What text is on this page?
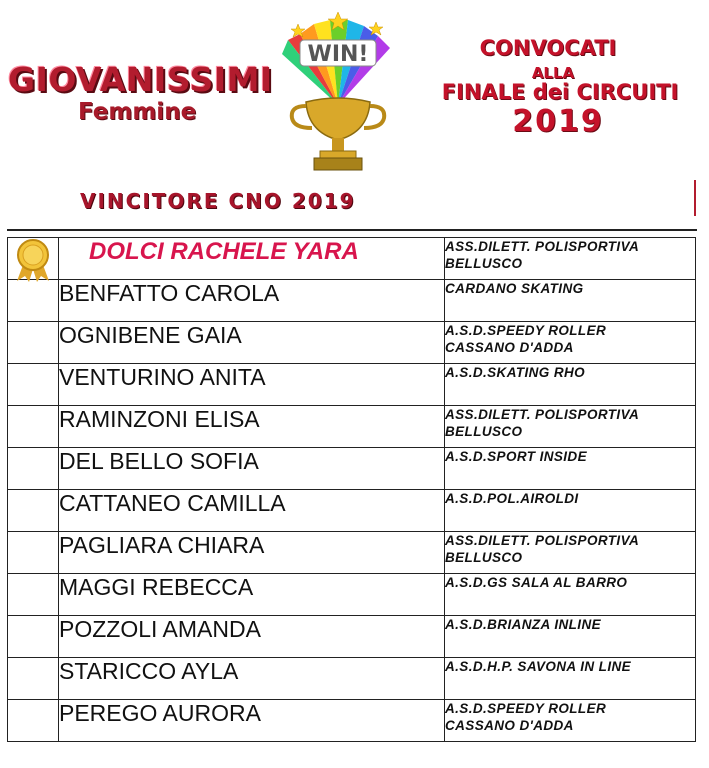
GIOVANISSIMI
Femmine
WIN!	CONVOCATI
ALLA
FINALE dei CIRCUITI
2019
VINCITORE CNO 2019
	DOLCI RACHELE YARA	ASS.DILETT. POLISPORTIVA
BELLUSCO

	BENFATTO CAROLA	CARDANO SKATING

	OGNIBENE GAIA	A.S.D.SPEEDY ROLLER
CASSANO D'ADDA

	VENTURINO ANITA	A.S.D.SKATING RHO

	RAMINZONI ELISA	ASS.DILETT. POLISPORTIVA
BELLUSCO

	DEL BELLO SOFIA	A.S.D.SPORT INSIDE

	CATTANEO CAMILLA	A.S.D.POL.AIROLDI

	PAGLIARA CHIARA	ASS.DILETT. POLISPORTIVA
BELLUSCO

	MAGGI REBECCA	A.S.D.GS SALA AL BARRO

	POZZOLI AMANDA	A.S.D.BRIANZA INLINE

	STARICCO AYLA	A.S.D.H.P. SAVONA IN LINE

	PEREGO AURORA	A.S.D.SPEEDY ROLLER
CASSANO D'ADDA
